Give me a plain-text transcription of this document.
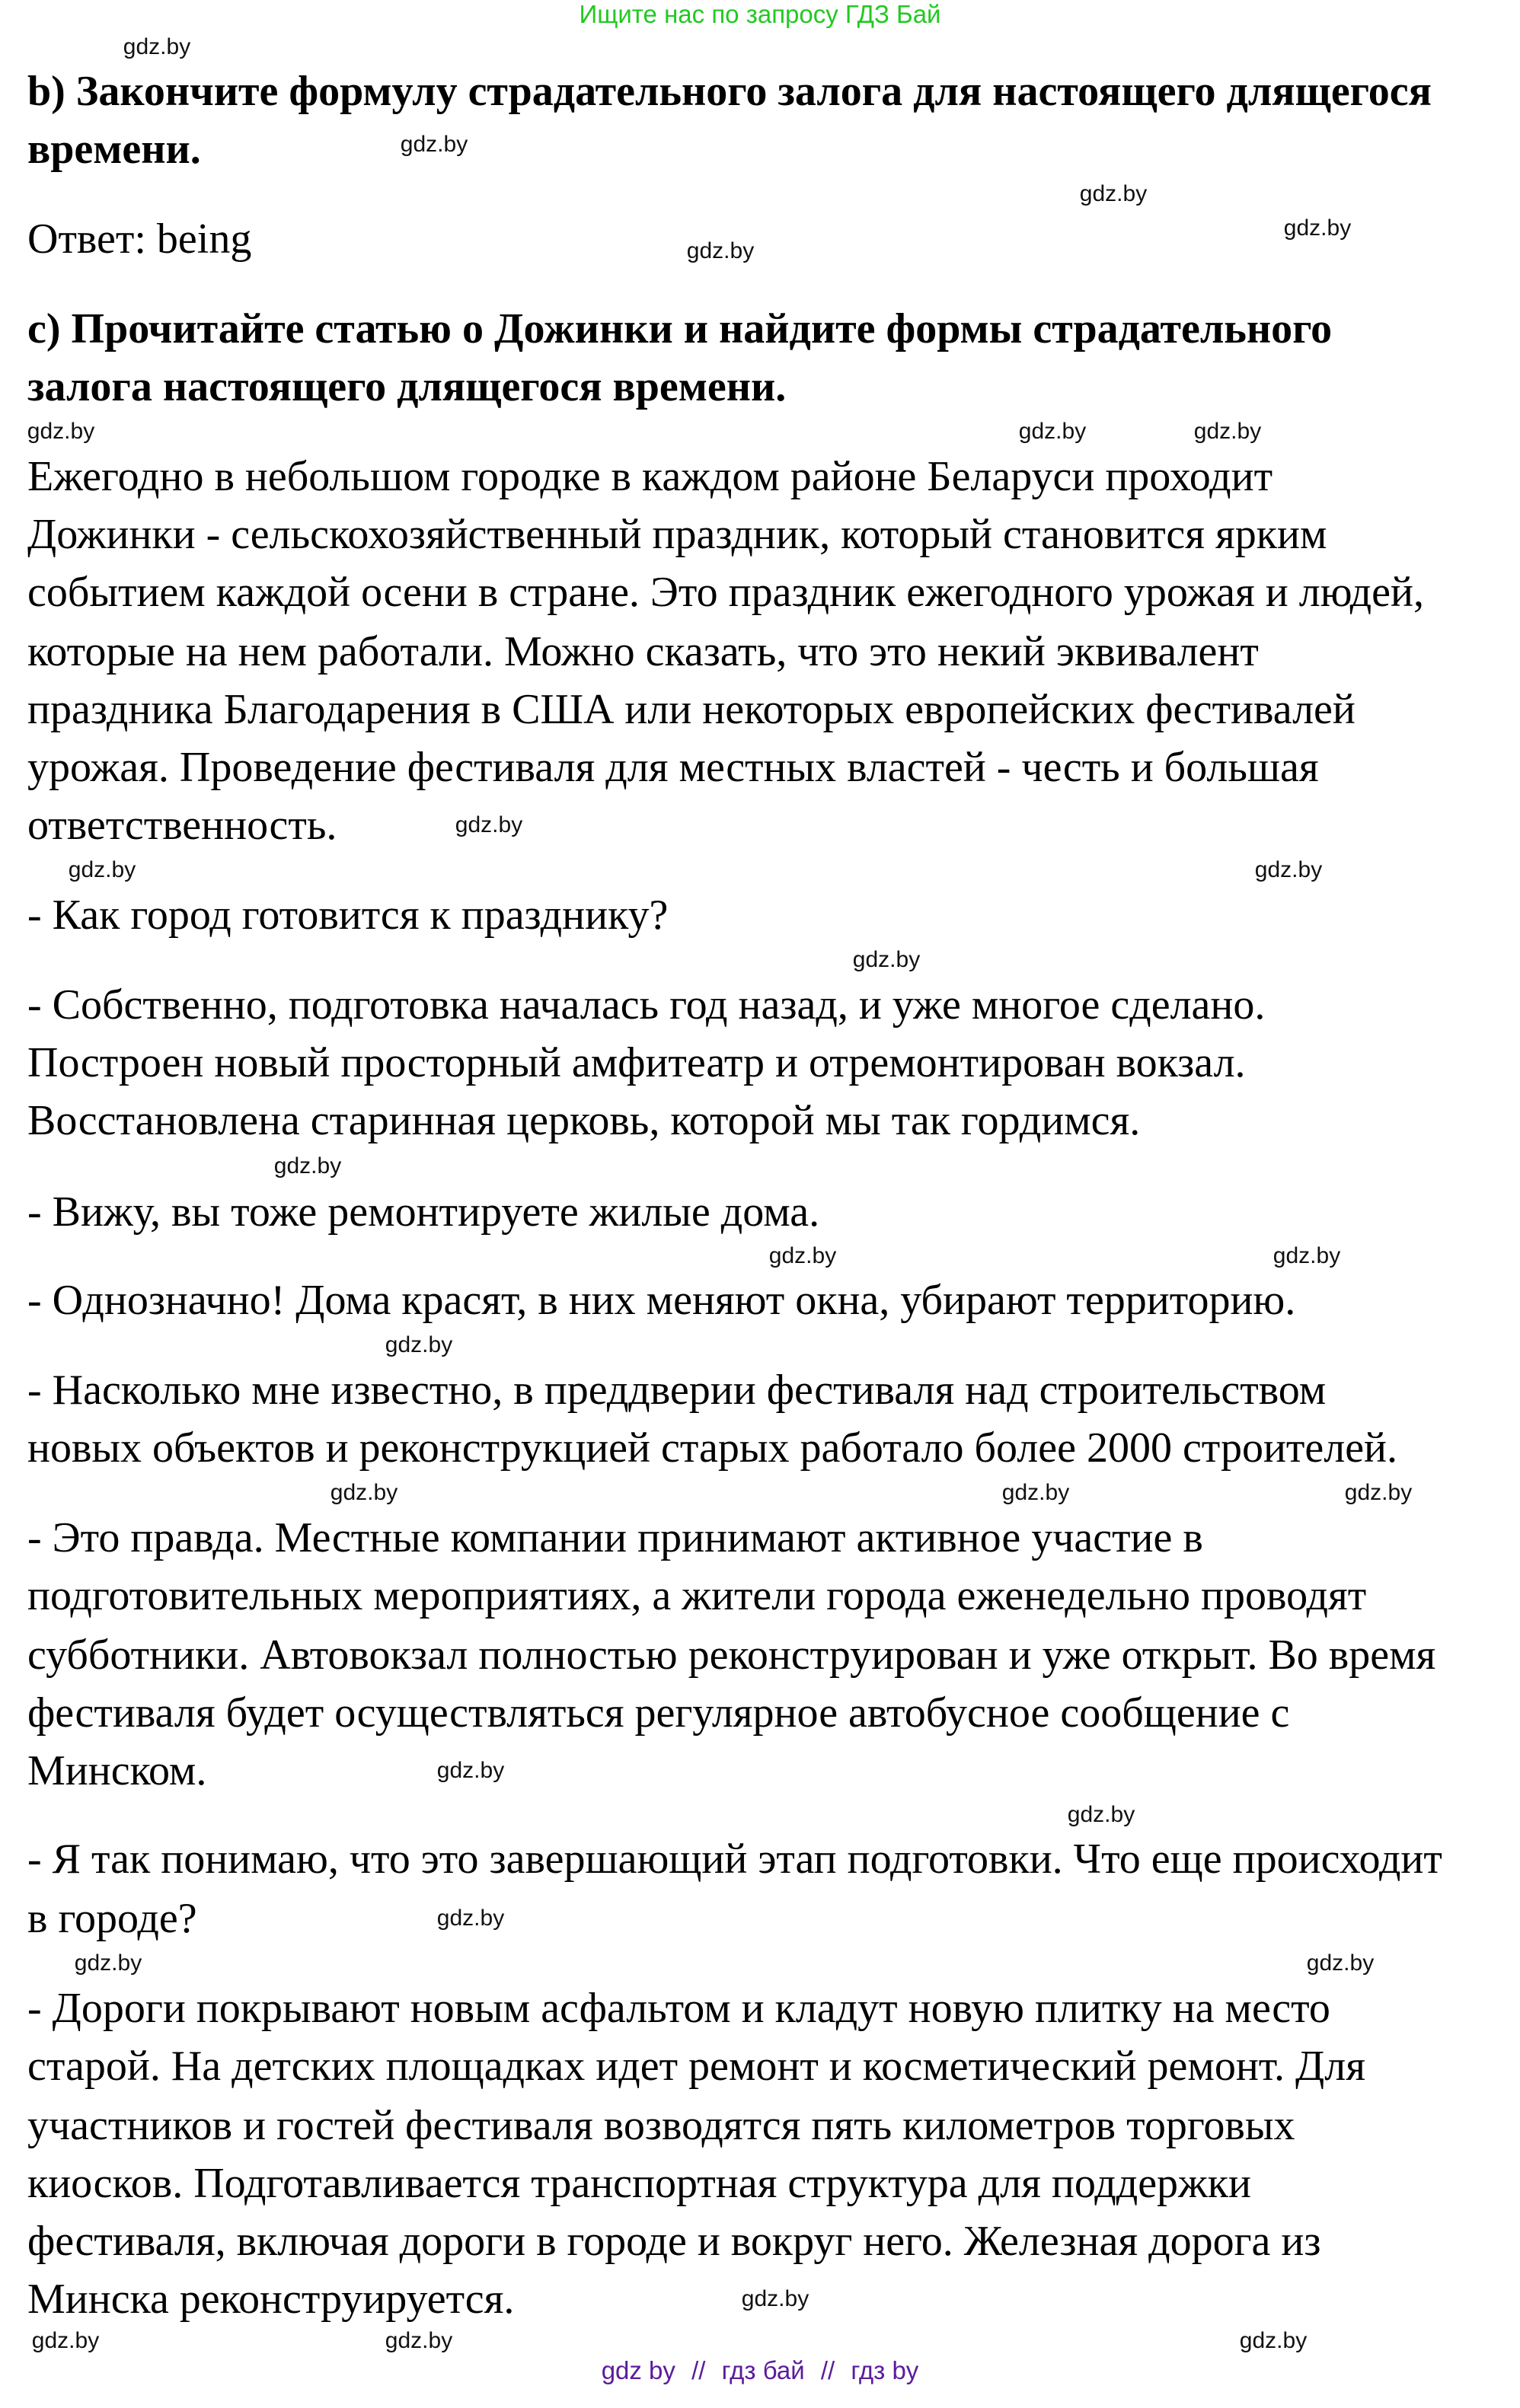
Ищите нас по запросу ГДЗ Бай
b) Закончите формулу страдательного залога для настоящего длящегося
времени.
Ответ: being
c) Прочитайте статью о Дожинки и найдите формы страдательного
залога настоящего длящегося времени.
Ежегодно в небольшом городке в каждом районе Беларуси проходит
Дожинки - сельскохозяйственный праздник, который становится ярким
событием каждой осени в стране. Это праздник ежегодного урожая и людей,
которые на нем работали. Можно сказать, что это некий эквивалент
праздника Благодарения в США или некоторых европейских фестивалей
урожая. Проведение фестиваля для местных властей - честь и большая
ответственность.
- Как город готовится к празднику?
- Собственно, подготовка началась год назад, и уже многое сделано.
Построен новый просторный амфитеатр и отремонтирован вокзал.
Восстановлена старинная церковь, которой мы так гордимся.
- Вижу, вы тоже ремонтируете жилые дома.
- Однозначно! Дома красят, в них меняют окна, убирают территорию.
- Насколько мне известно, в преддверии фестиваля над строительством
новых объектов и реконструкцией старых работало более 2000 строителей.
- Это правда. Местные компании принимают активное участие в
подготовительных мероприятиях, а жители города еженедельно проводят
субботники. Автовокзал полностью реконструирован и уже открыт. Во время
фестиваля будет осуществляться регулярное автобусное сообщение с
Минском.
- Я так понимаю, что это завершающий этап подготовки. Что еще происходит
в городе?
- Дороги покрывают новым асфальтом и кладут новую плитку на место
старой. На детских площадках идет ремонт и косметический ремонт. Для
участников и гостей фестиваля возводятся пять километров торговых
киосков. Подготавливается транспортная структура для поддержки
фестиваля, включая дороги в городе и вокруг него. Железная дорога из
Минска реконструируется.
gdz.by
gdz.by
gdz.by
gdz.by
gdz.by
gdz.by	gdz.by
gdz.by
gdz.by
gdz.by
gdz.by
gdz.by
gdz.by
gdz.by
gdz.by
gdz.by
gdz.by	gdz.by
gdz.by
gdz.by
gdz.by
gdz.by
gdz.by
gdz.by
gdz.by
gdz.by
gdz.by
gdz.by
gdz by // гдз бай // гдз by
